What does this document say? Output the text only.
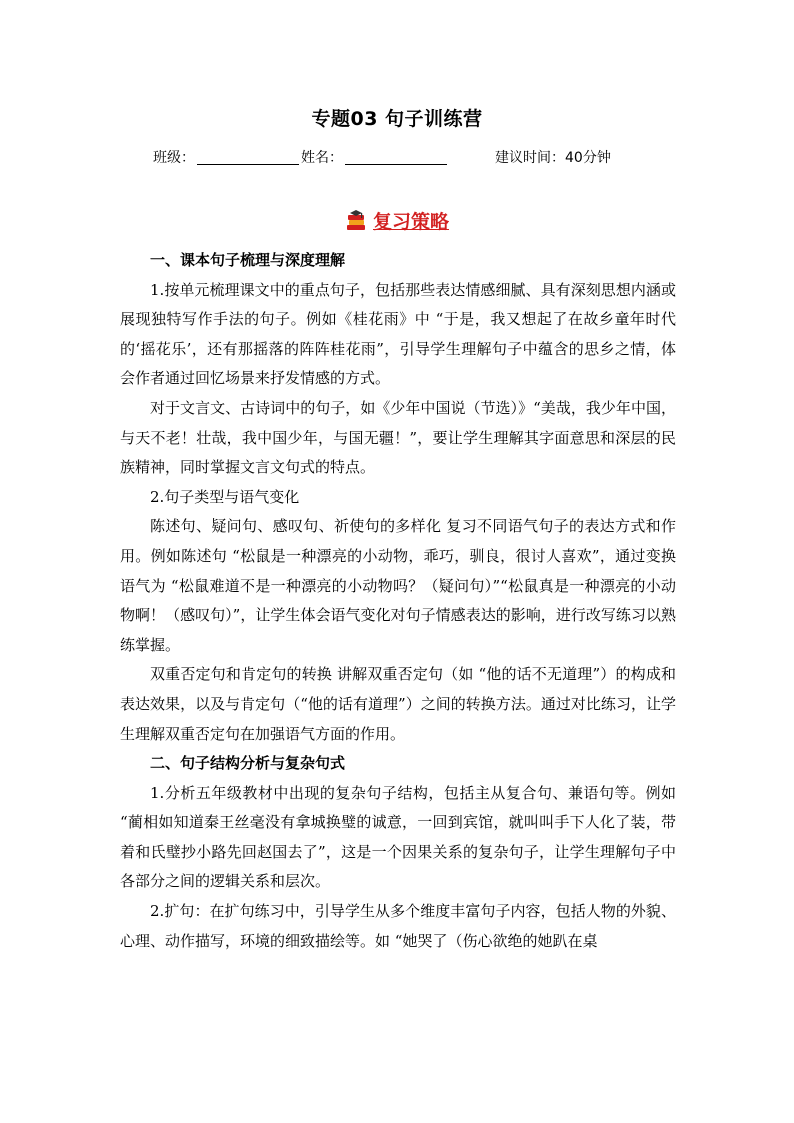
专题03 句子训练营
班级：	姓名：	建议时间：40分钟
复习策略
一、课本句子梳理与深度理解

1.按单元梳理课文中的重点句子，包括那些表达情感细腻、具有深刻思想内涵或展现独特写作手法的句子。例如《桂花雨》中 “于是，我又想起了在故乡童年时代的‘摇花乐’，还有那摇落的阵阵桂花雨”，引导学生理解句子中蕴含的思乡之情，体会作者通过回忆场景来抒发情感的方式。

对于文言文、古诗词中的句子，如《少年中国说（节选）》“美哉，我少年中国，与天不老！壮哉，我中国少年，与国无疆！”，要让学生理解其字面意思和深层的民族精神，同时掌握文言文句式的特点。

2.句子类型与语气变化

陈述句、疑问句、感叹句、祈使句的多样化 复习不同语气句子的表达方式和作用。例如陈述句 “松鼠是一种漂亮的小动物，乖巧，驯良，很讨人喜欢”，通过变换语气为 “松鼠难道不是一种漂亮的小动物吗？（疑问句）”“松鼠真是一种漂亮的小动物啊！（感叹句）”，让学生体会语气变化对句子情感表达的影响，进行改写练习以熟练掌握。

双重否定句和肯定句的转换 讲解双重否定句（如 “他的话不无道理”）的构成和表达效果，以及与肯定句（“他的话有道理”）之间的转换方法。通过对比练习，让学生理解双重否定句在加强语气方面的作用。

二、句子结构分析与复杂句式

1.分析五年级教材中出现的复杂句子结构，包括主从复合句、兼语句等。例如 “蔺相如知道秦王丝毫没有拿城换璧的诚意，一回到宾馆，就叫叫手下人化了装，带着和氏璧抄小路先回赵国去了”，这是一个因果关系的复杂句子，让学生理解句子中各部分之间的逻辑关系和层次。

2.扩句：在扩句练习中，引导学生从多个维度丰富句子内容，包括人物的外貌、心理、动作描写，环境的细致描绘等。如 “她哭了（伤心欲绝的她趴在桌
